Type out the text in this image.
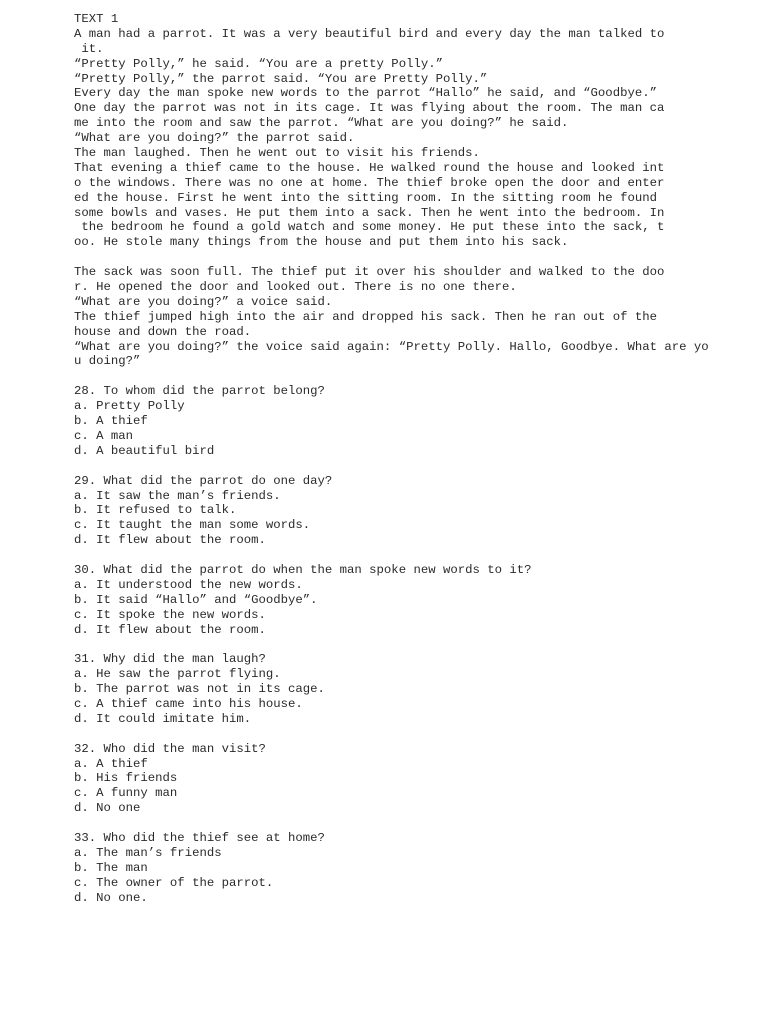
TEXT 1
A man had a parrot. It was a very beautiful bird and every day the man talked to
it.
“Pretty Polly,” he said. “You are a pretty Polly.”
“Pretty Polly,” the parrot said. “You are Pretty Polly.”
Every day the man spoke new words to the parrot “Hallo” he said, and “Goodbye.”
One day the parrot was not in its cage. It was flying about the room. The man ca
me into the room and saw the parrot. “What are you doing?” he said.
“What are you doing?” the parrot said.
The man laughed. Then he went out to visit his friends.
That evening a thief came to the house. He walked round the house and looked int
o the windows. There was no one at home. The thief broke open the door and enter
ed the house. First he went into the sitting room. In the sitting room he found
some bowls and vases. He put them into a sack. Then he went into the bedroom. In
the bedroom he found a gold watch and some money. He put these into the sack, t
oo. He stole many things from the house and put them into his sack.
The sack was soon full. The thief put it over his shoulder and walked to the doo
r. He opened the door and looked out. There is no one there.
“What are you doing?” a voice said.
The thief jumped high into the air and dropped his sack. Then he ran out of the
house and down the road.
“What are you doing?” the voice said again: “Pretty Polly. Hallo, Goodbye. What are yo
u doing?”
28. To whom did the parrot belong?
a. Pretty Polly
b. A thief
c. A man
d. A beautiful bird
29. What did the parrot do one day?
a. It saw the man’s friends.
b. It refused to talk.
c. It taught the man some words.
d. It flew about the room.
30. What did the parrot do when the man spoke new words to it?
a. It understood the new words.
b. It said “Hallo” and “Goodbye”.
c. It spoke the new words.
d. It flew about the room.
31. Why did the man laugh?
a. He saw the parrot flying.
b. The parrot was not in its cage.
c. A thief came into his house.
d. It could imitate him.
32. Who did the man visit?
a. A thief
b. His friends
c. A funny man
d. No one
33. Who did the thief see at home?
a. The man’s friends
b. The man
c. The owner of the parrot.
d. No one.
